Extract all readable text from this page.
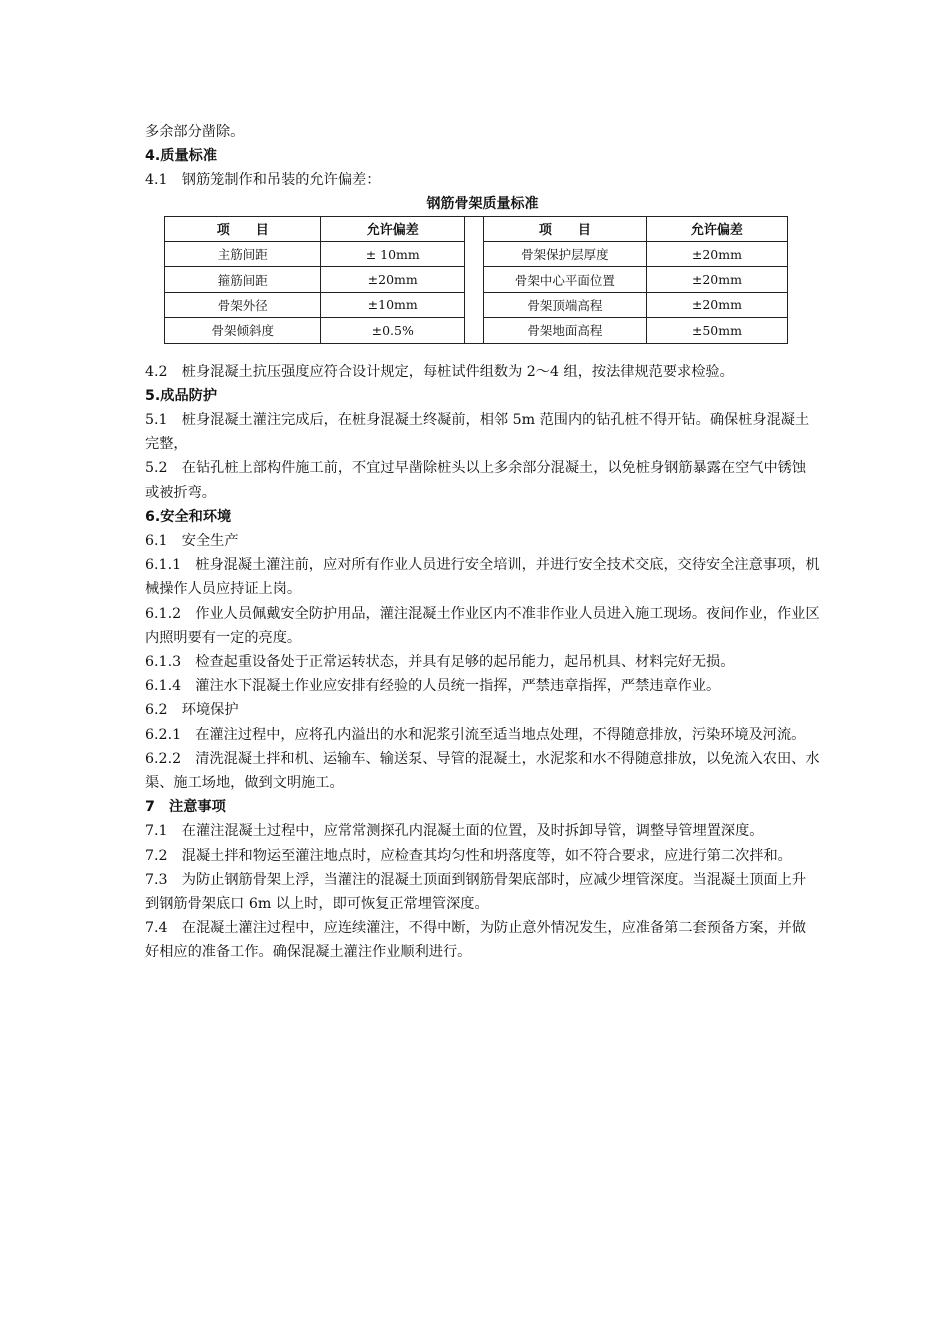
多余部分凿除。

4.质量标准

4.1　钢筋笼制作和吊装的允许偏差：

钢筋骨架质量标准
项　　目	允许偏差
主筋间距	± 10mm
箍筋间距	±20mm
骨架外径	±10mm
骨架倾斜度	±0.5%
项　　目	允许偏差
骨架保护层厚度	±20mm
骨架中心平面位置	±20mm
骨架顶端高程	±20mm
骨架地面高程	±50mm

4.2　桩身混凝土抗压强度应符合设计规定，每桩试件组数为 2～4 组，按法律规范要求检验。

5.成品防护

5.1　桩身混凝土灌注完成后，在桩身混凝土终凝前，相邻 5m 范围内的钻孔桩不得开钻。确保桩身混凝土完整，

5.2　在钻孔桩上部构件施工前，不宜过早凿除桩头以上多余部分混凝土，以免桩身钢筋暴露在空气中锈蚀或被折弯。

6.安全和环境

6.1　安全生产

6.1.1　桩身混凝土灌注前，应对所有作业人员进行安全培训，并进行安全技术交底，交待安全注意事项，机械操作人员应持证上岗。

6.1.2　作业人员佩戴安全防护用品，灌注混凝土作业区内不准非作业人员进入施工现场。夜间作业，作业区内照明要有一定的亮度。

6.1.3　检查起重设备处于正常运转状态，并具有足够的起吊能力，起吊机具、材料完好无损。

6.1.4　灌注水下混凝土作业应安排有经验的人员统一指挥，严禁违章指挥，严禁违章作业。

6.2　环境保护

6.2.1　在灌注过程中，应将孔内溢出的水和泥浆引流至适当地点处理，不得随意排放，污染环境及河流。

6.2.2　清洗混凝土拌和机、运输车、输送泵、导管的混凝土，水泥浆和水不得随意排放，以免流入农田、水渠、施工场地，做到文明施工。

7　注意事项

7.1　在灌注混凝土过程中，应常常测探孔内混凝土面的位置，及时拆卸导管，调整导管埋置深度。

7.2　混凝土拌和物运至灌注地点时，应检查其均匀性和坍落度等，如不符合要求，应进行第二次拌和。

7.3　为防止钢筋骨架上浮，当灌注的混凝土顶面到钢筋骨架底部时，应减少埋管深度。当混凝土顶面上升到钢筋骨架底口 6m 以上时，即可恢复正常埋管深度。

7.4　在混凝土灌注过程中，应连续灌注，不得中断，为防止意外情况发生，应准备第二套预备方案，并做好相应的准备工作。确保混凝土灌注作业顺利进行。
